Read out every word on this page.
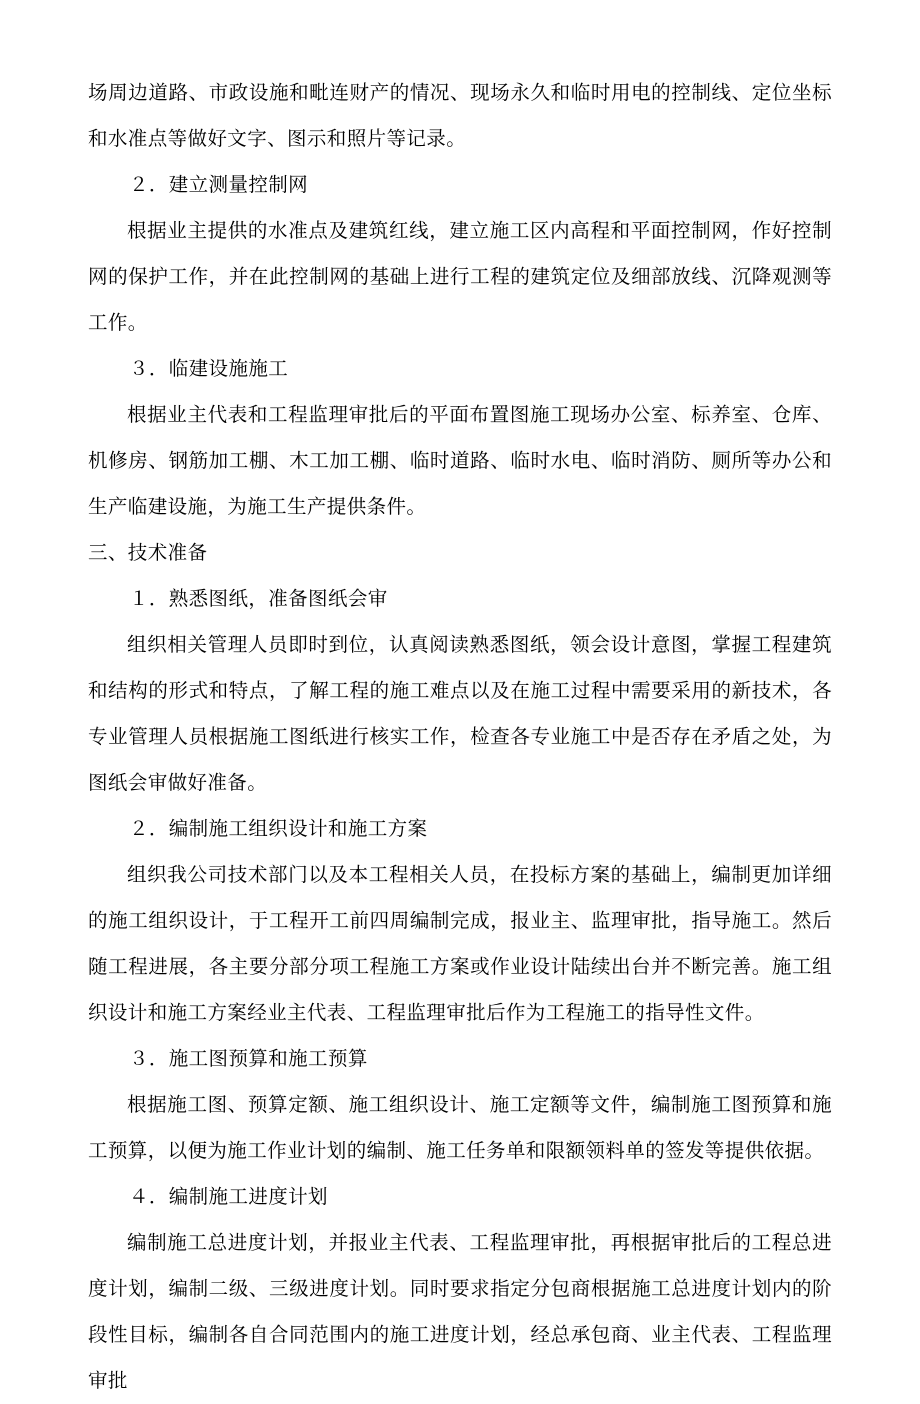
场周边道路、市政设施和毗连财产的情况、现场永久和临时用电的控制线、定位坐标和水准点等做好文字、图示和照片等记录。

２．建立测量控制网

根据业主提供的水准点及建筑红线，建立施工区内高程和平面控制网，作好控制网的保护工作，并在此控制网的基础上进行工程的建筑定位及细部放线、沉降观测等工作。

３．临建设施施工

根据业主代表和工程监理审批后的平面布置图施工现场办公室、标养室、仓库、机修房、钢筋加工棚、木工加工棚、临时道路、临时水电、临时消防、厕所等办公和生产临建设施，为施工生产提供条件。

三、技术准备

１．熟悉图纸，准备图纸会审

组织相关管理人员即时到位，认真阅读熟悉图纸，领会设计意图，掌握工程建筑和结构的形式和特点，了解工程的施工难点以及在施工过程中需要采用的新技术，各专业管理人员根据施工图纸进行核实工作，检查各专业施工中是否存在矛盾之处，为图纸会审做好准备。

２．编制施工组织设计和施工方案

组织我公司技术部门以及本工程相关人员，在投标方案的基础上，编制更加详细的施工组织设计，于工程开工前四周编制完成，报业主、监理审批，指导施工。然后随工程进展，各主要分部分项工程施工方案或作业设计陆续出台并不断完善。施工组织设计和施工方案经业主代表、工程监理审批后作为工程施工的指导性文件。

３．施工图预算和施工预算

根据施工图、预算定额、施工组织设计、施工定额等文件，编制施工图预算和施工预算，以便为施工作业计划的编制、施工任务单和限额领料单的签发等提供依据。

４．编制施工进度计划

编制施工总进度计划，并报业主代表、工程监理审批，再根据审批后的工程总进度计划，编制二级、三级进度计划。同时要求指定分包商根据施工总进度计划内的阶段性目标，编制各自合同范围内的施工进度计划，经总承包商、业主代表、工程监理审批
